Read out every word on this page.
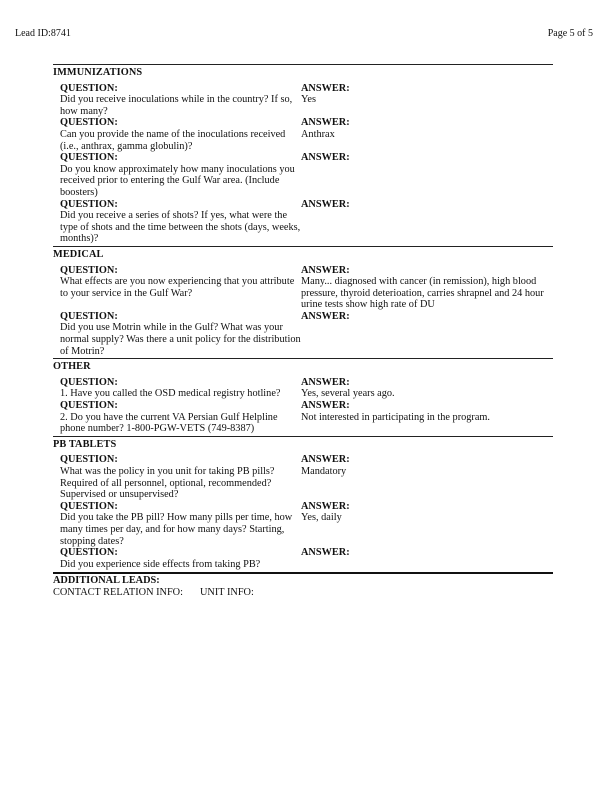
Lead ID:8741	Page 5 of 5
IMMUNIZATIONS
QUESTION:
Did you receive inoculations while in the country? If so, how many?
ANSWER:
Yes
QUESTION:
Can you provide the name of the inoculations received (i.e., anthrax, gamma globulin)?
ANSWER:
Anthrax
QUESTION:
Do you know approximately how many inoculations you received prior to entering the Gulf War area. (Include boosters)
ANSWER:
QUESTION:
Did you receive a series of shots? If yes, what were the type of shots and the time between the shots (days, weeks, months)?
ANSWER:
MEDICAL
QUESTION:
What effects are you now experiencing that you attribute to your service in the Gulf War?
ANSWER:
Many... diagnosed with cancer (in remission), high blood pressure, thyroid deterioation, carries shrapnel and 24 hour urine tests show high rate of DU
QUESTION:
Did you use Motrin while in the Gulf? What was your normal supply? Was there a unit policy for the distribution of Motrin?
ANSWER:
OTHER
QUESTION:
1. Have you called the OSD medical registry hotline?
ANSWER:
Yes, several years ago.
QUESTION:
2. Do you have the current VA Persian Gulf Helpline phone number? 1-800-PGW-VETS (749-8387)
ANSWER:
Not interested in participating in the program.
PB TABLETS
QUESTION:
What was the policy in you unit for taking PB pills? Required of all personnel, optional, recommended? Supervised or unsupervised?
ANSWER:
Mandatory
QUESTION:
Did you take the PB pill? How many pills per time, how many times per day, and for how many days? Starting, stopping dates?
ANSWER:
Yes, daily
QUESTION:
Did you experience side effects from taking PB?
ANSWER:
ADDITIONAL LEADS:
CONTACT RELATION INFO: UNIT INFO:
